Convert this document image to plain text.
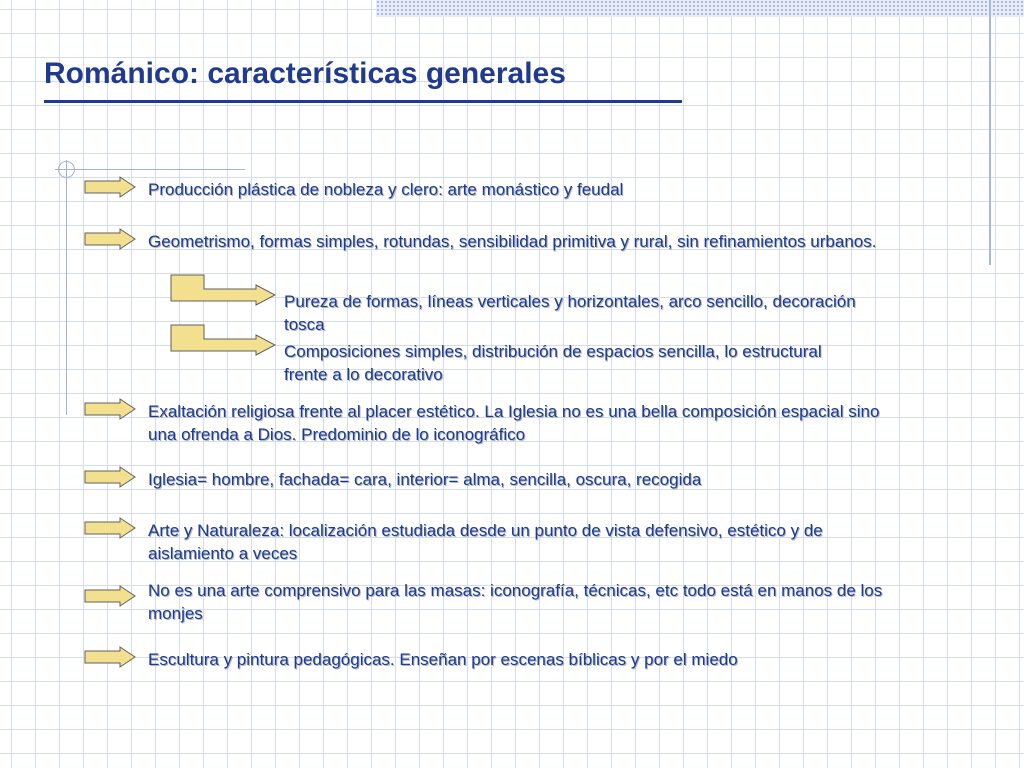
Románico: características generales
Producción plástica de nobleza y clero: arte monástico y feudal
Geometrismo, formas simples, rotundas, sensibilidad primitiva y rural, sin refinamientos urbanos.
Pureza de formas, líneas verticales y horizontales, arco sencillo, decoración tosca
Composiciones simples, distribución de espacios sencilla, lo estructural frente a lo decorativo
Exaltación religiosa frente al placer estético. La Iglesia no es una bella composición espacial sino una ofrenda a Dios. Predominio de lo iconográfico
Iglesia= hombre, fachada= cara, interior= alma, sencilla, oscura, recogida
Arte y Naturaleza: localización estudiada desde un punto de vista defensivo, estético y de aislamiento a veces
No es una arte comprensivo para las masas: iconografía, técnicas, etc todo está en manos de los monjes
Escultura y pintura pedagógicas. Enseñan por escenas bíblicas y por el miedo
